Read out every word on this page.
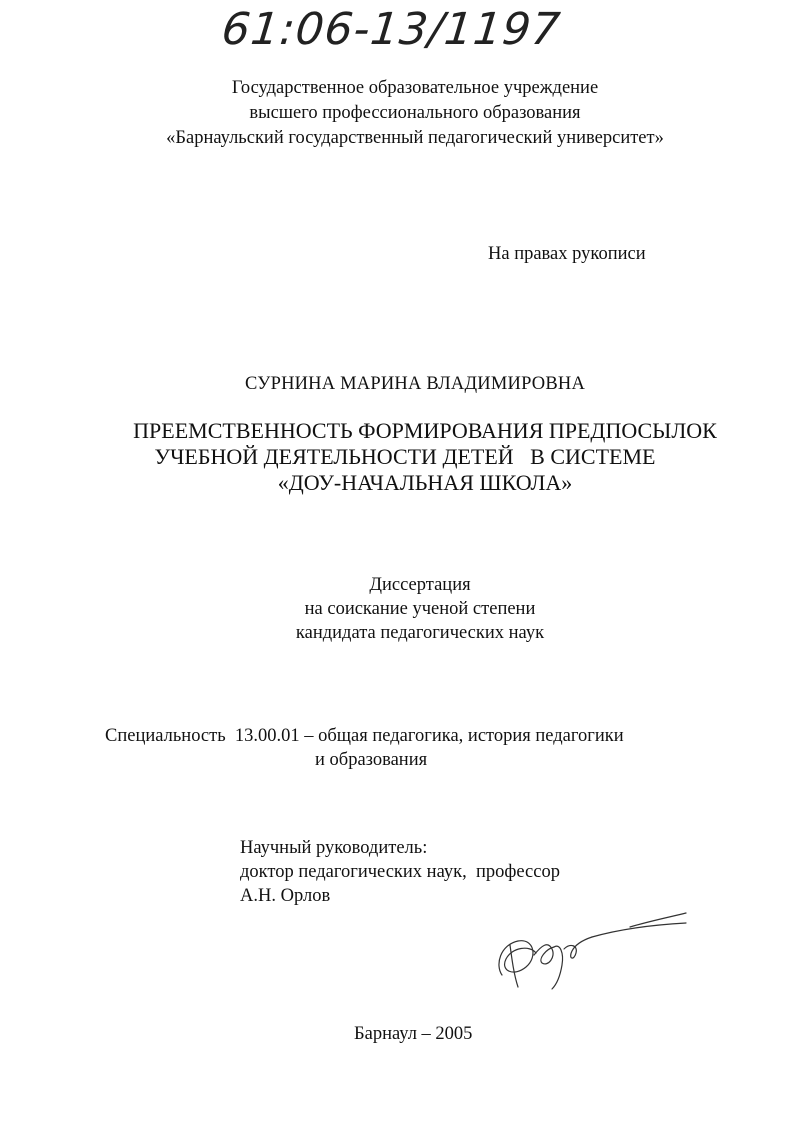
61:06-13/1197
Государственное образовательное учреждение
высшего профессионального образования
«Барнаульский государственный педагогический университет»
На правах рукописи
СУРНИНА МАРИНА ВЛАДИМИРОВНА
ПРЕЕМСТВЕННОСТЬ ФОРМИРОВАНИЯ ПРЕДПОСЫЛОК
УЧЕБНОЙ ДЕЯТЕЛЬНОСТИ ДЕТЕЙ   В СИСТЕМЕ
«ДОУ-НАЧАЛЬНАЯ ШКОЛА»
Диссертация
на соискание ученой степени
кандидата педагогических наук
Специальность  13.00.01 – общая педагогика, история педагогики
и образования
Научный руководитель:
доктор педагогических наук,  профессор
А.Н. Орлов
Барнаул – 2005
